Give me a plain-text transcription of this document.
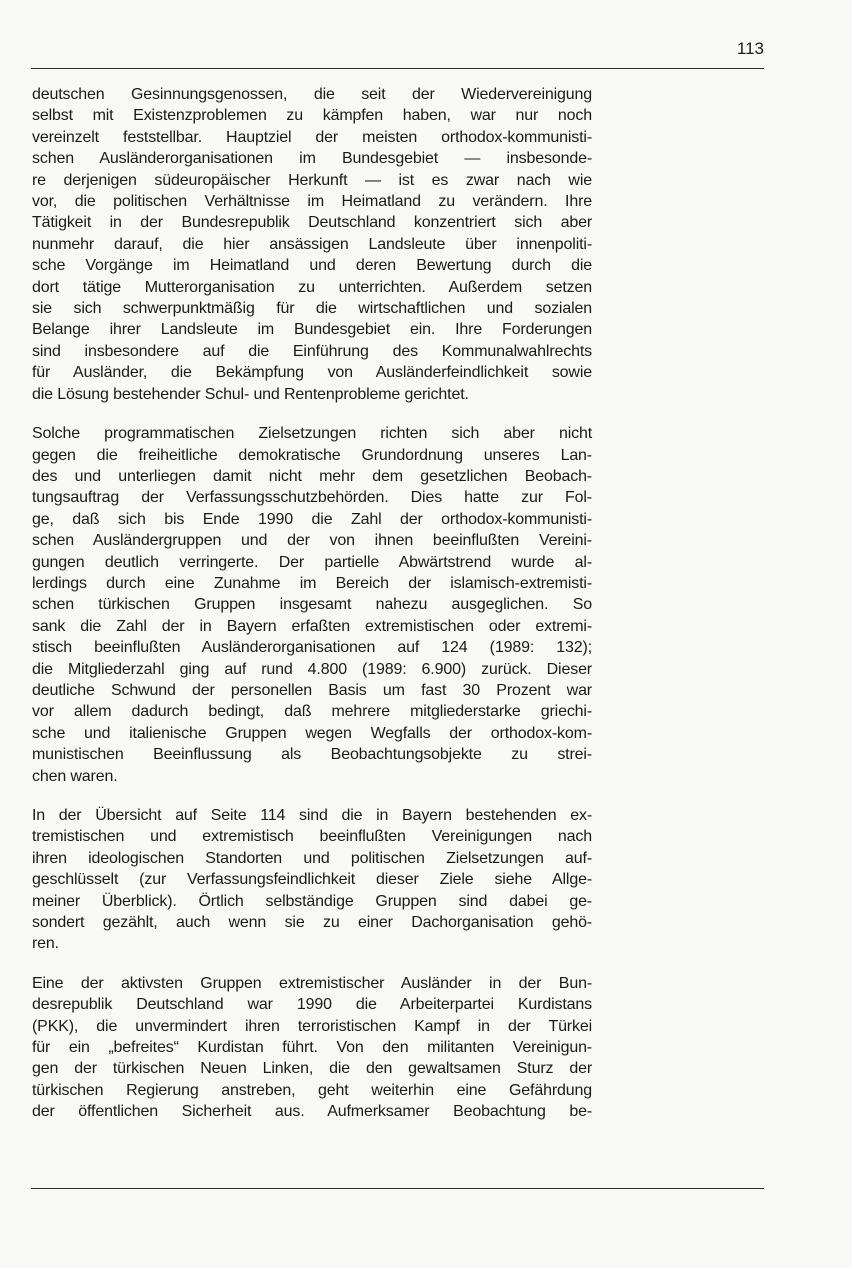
113

deutschen Gesinnungsgenossen, die seit der Wiedervereinigung
selbst mit Existenzproblemen zu kämpfen haben, war nur noch
vereinzelt feststellbar. Hauptziel der meisten orthodox-kommunisti-
schen Ausländerorganisationen im Bundesgebiet — insbesonde-
re derjenigen südeuropäischer Herkunft — ist es zwar nach wie
vor, die politischen Verhältnisse im Heimatland zu verändern. Ihre
Tätigkeit in der Bundesrepublik Deutschland konzentriert sich aber
nunmehr darauf, die hier ansässigen Landsleute über innenpoliti-
sche Vorgänge im Heimatland und deren Bewertung durch die
dort tätige Mutterorganisation zu unterrichten. Außerdem setzen
sie sich schwerpunktmäßig für die wirtschaftlichen und sozialen
Belange ihrer Landsleute im Bundesgebiet ein. Ihre Forderungen
sind insbesondere auf die Einführung des Kommunalwahlrechts
für Ausländer, die Bekämpfung von Ausländerfeindlichkeit sowie
die Lösung bestehender Schul- und Rentenprobleme gerichtet.

Solche programmatischen Zielsetzungen richten sich aber nicht
gegen die freiheitliche demokratische Grundordnung unseres Lan-
des und unterliegen damit nicht mehr dem gesetzlichen Beobach-
tungsauftrag der Verfassungsschutzbehörden. Dies hatte zur Fol-
ge, daß sich bis Ende 1990 die Zahl der orthodox-kommunisti-
schen Ausländergruppen und der von ihnen beeinflußten Vereini-
gungen deutlich verringerte. Der partielle Abwärtstrend wurde al-
lerdings durch eine Zunahme im Bereich der islamisch-extremisti-
schen türkischen Gruppen insgesamt nahezu ausgeglichen. So
sank die Zahl der in Bayern erfaßten extremistischen oder extremi-
stisch beeinflußten Ausländerorganisationen auf 124 (1989: 132);
die Mitgliederzahl ging auf rund 4.800 (1989: 6.900) zurück. Dieser
deutliche Schwund der personellen Basis um fast 30 Prozent war
vor allem dadurch bedingt, daß mehrere mitgliederstarke griechi-
sche und italienische Gruppen wegen Wegfalls der orthodox-kom-
munistischen Beeinflussung als Beobachtungsobjekte zu strei-
chen waren.

In der Übersicht auf Seite 114 sind die in Bayern bestehenden ex-
tremistischen und extremistisch beeinflußten Vereinigungen nach
ihren ideologischen Standorten und politischen Zielsetzungen auf-
geschlüsselt (zur Verfassungsfeindlichkeit dieser Ziele siehe Allge-
meiner Überblick). Örtlich selbständige Gruppen sind dabei ge-
sondert gezählt, auch wenn sie zu einer Dachorganisation gehö-
ren.

Eine der aktivsten Gruppen extremistischer Ausländer in der Bun-
desrepublik Deutschland war 1990 die Arbeiterpartei Kurdistans
(PKK), die unvermindert ihren terroristischen Kampf in der Türkei
für ein „befreites“ Kurdistan führt. Von den militanten Vereinigun-
gen der türkischen Neuen Linken, die den gewaltsamen Sturz der
türkischen Regierung anstreben, geht weiterhin eine Gefährdung
der öffentlichen Sicherheit aus. Aufmerksamer Beobachtung be-
